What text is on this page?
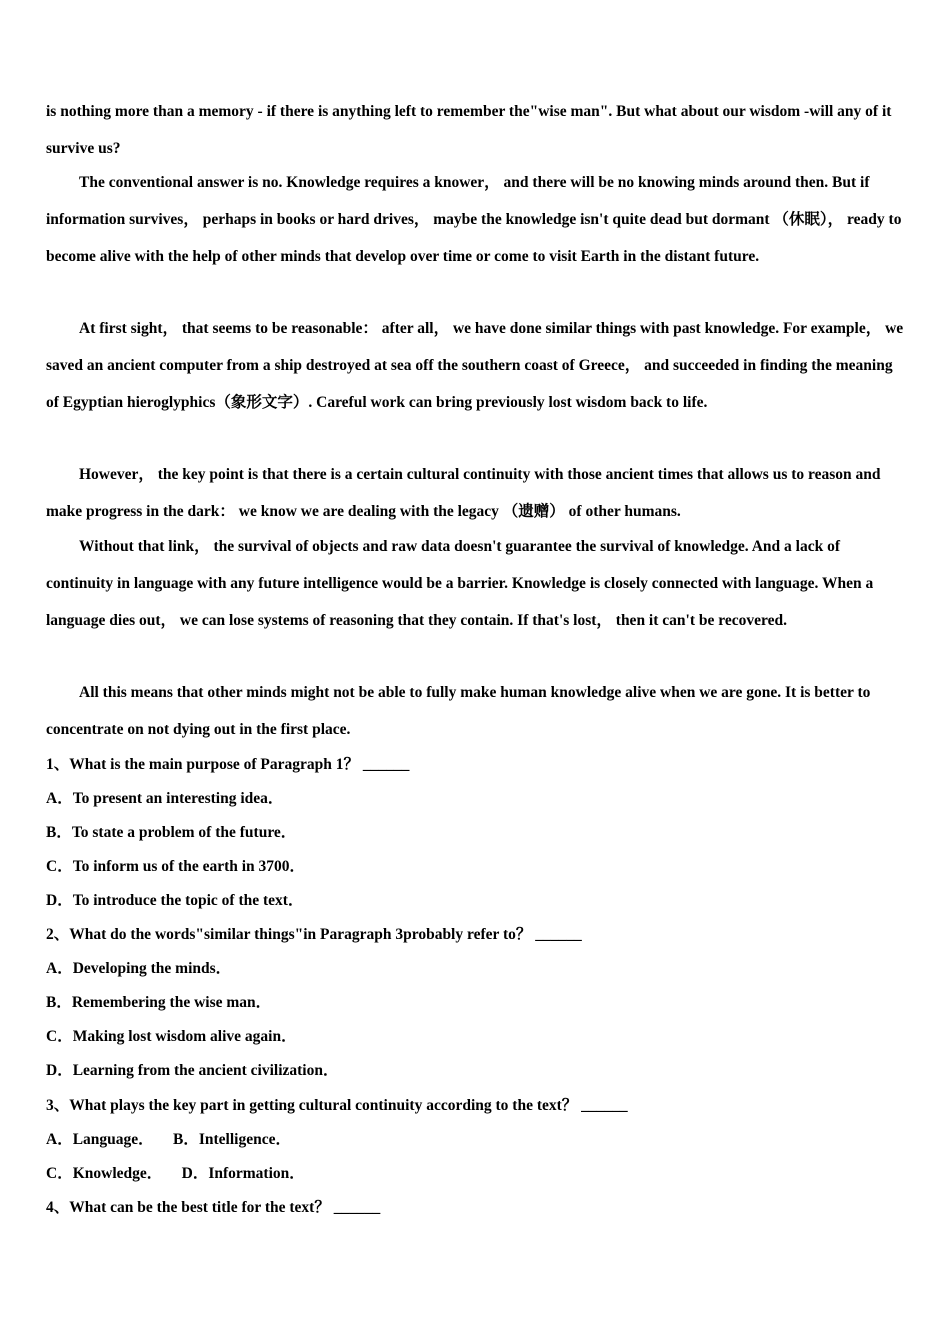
is nothing more than a memory - if there is anything left to remember the"wise man". But what about our wisdom -will any of it survive us?

The conventional answer is no. Knowledge requires a knower， and there will be no knowing minds around then. But if information survives， perhaps in books or hard drives， maybe the knowledge isn't quite dead but dormant （休眠）， ready to become alive with the help of other minds that develop over time or come to visit Earth in the distant future.

At first sight， that seems to be reasonable： after all， we have done similar things with past knowledge. For example， we saved an ancient computer from a ship destroyed at sea off the southern coast of Greece， and succeeded in finding the meaning of Egyptian hieroglyphics（象形文字）. Careful work can bring previously lost wisdom back to life.

However， the key point is that there is a certain cultural continuity with those ancient times that allows us to reason and make progress in the dark： we know we are dealing with the legacy （遗赠） of other humans.

Without that link， the survival of objects and raw data doesn't guarantee the survival of knowledge. And a lack of continuity in language with any future intelligence would be a barrier. Knowledge is closely connected with language. When a language dies out， we can lose systems of reasoning that they contain. If that's lost， then it can't be recovered.

All this means that other minds might not be able to fully make human knowledge alive when we are gone. It is better to concentrate on not dying out in the first place.

1、What is the main purpose of Paragraph 1？ ______

A．To present an interesting idea．

B．To state a problem of the future．

C．To inform us of the earth in 3700．

D．To introduce the topic of the text．

2、What do the words"similar things"in Paragraph 3probably refer to？ ______

A．Developing the minds．

B．Remembering the wise man．

C．Making lost wisdom alive again．

D．Learning from the ancient civilization．

3、What plays the key part in getting cultural continuity according to the text？ ______

A．Language．     B．Intelligence．

C．Knowledge．     D．Information．

4、What can be the best title for the text？ ______
